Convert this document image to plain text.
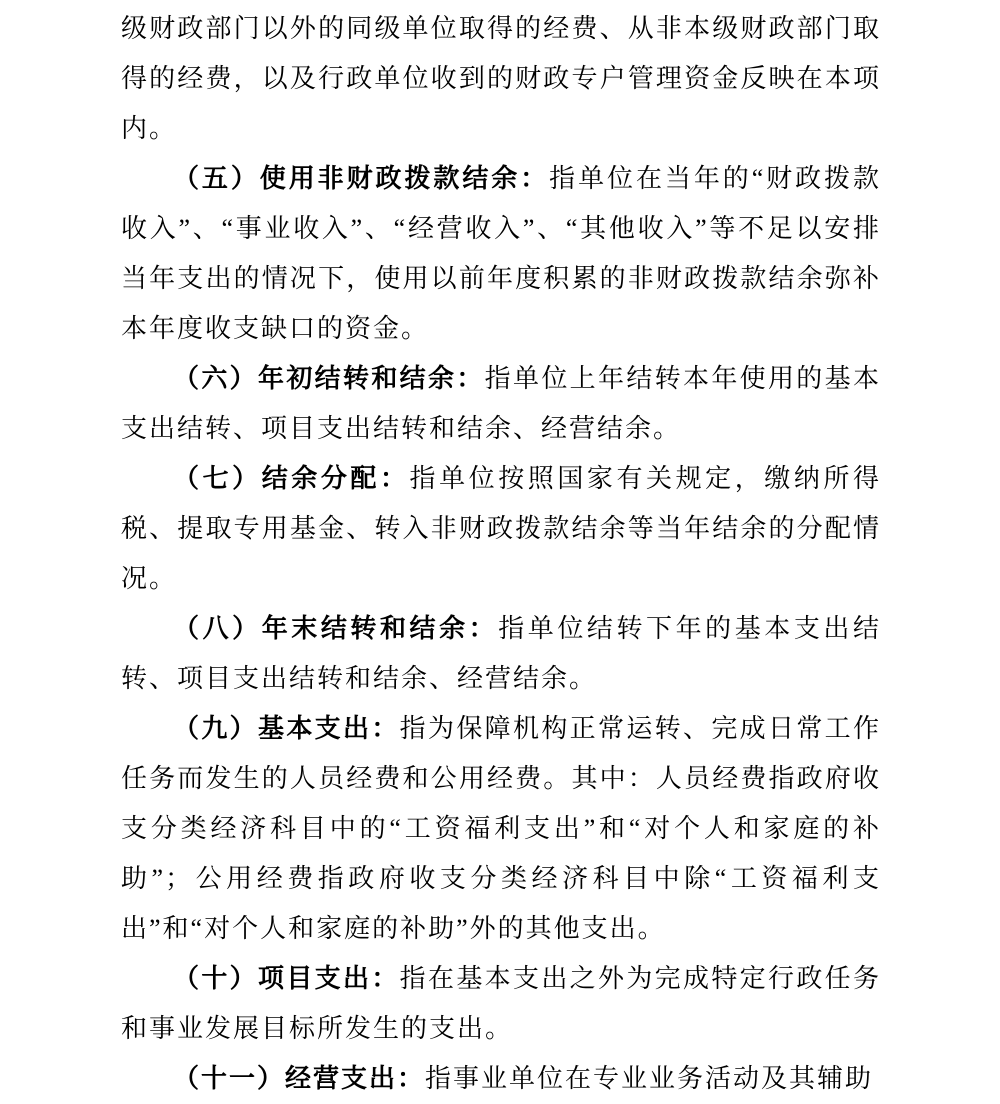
级财政部门以外的同级单位取得的经费、从非本级财政部门取得的经费，以及行政单位收到的财政专户管理资金反映在本项内。

（五）使用非财政拨款结余：指单位在当年的“财政拨款收入”、“事业收入”、“经营收入”、“其他收入”等不足以安排当年支出的情况下，使用以前年度积累的非财政拨款结余弥补本年度收支缺口的资金。

（六）年初结转和结余：指单位上年结转本年使用的基本支出结转、项目支出结转和结余、经营结余。

（七）结余分配：指单位按照国家有关规定，缴纳所得税、提取专用基金、转入非财政拨款结余等当年结余的分配情况。

（八）年末结转和结余：指单位结转下年的基本支出结转、项目支出结转和结余、经营结余。

（九）基本支出：指为保障机构正常运转、完成日常工作任务而发生的人员经费和公用经费。其中：人员经费指政府收支分类经济科目中的“工资福利支出”和“对个人和家庭的补助”；公用经费指政府收支分类经济科目中除“工资福利支出”和“对个人和家庭的补助”外的其他支出。

（十）项目支出：指在基本支出之外为完成特定行政任务和事业发展目标所发生的支出。

（十一）经营支出：指事业单位在专业业务活动及其辅助
